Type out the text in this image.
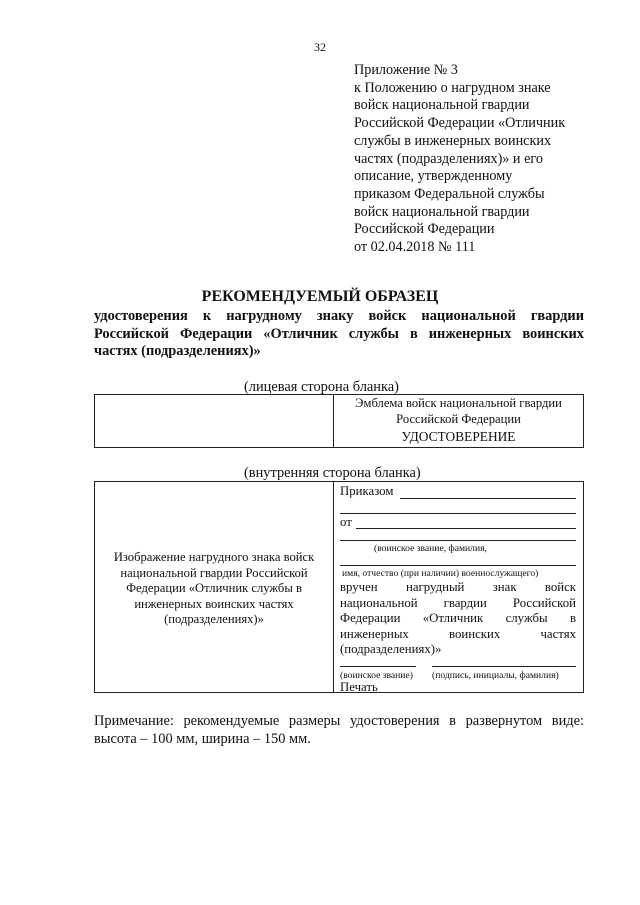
32
Приложение № 3
к Положению о нагрудном знаке
войск национальной гвардии
Российской Федерации «Отличник
службы в инженерных воинских
частях (подразделениях)» и его
описание, утвержденному
приказом Федеральной службы
войск национальной гвардии
Российской Федерации
от 02.04.2018 № 111
РЕКОМЕНДУЕМЫЙ ОБРАЗЕЦ
удостоверения к нагрудному знаку войск национальной гвардии
Российской Федерации «Отличник службы в инженерных воинских
частях (подразделениях)»
(лицевая сторона бланка)
Эмблема войск национальной гвардии
Российской Федерации
УДОСТОВЕРЕНИЕ
(внутренняя сторона бланка)
Изображение нагрудного знака войск
национальной гвардии Российской
Федерации «Отличник службы в
инженерных воинских частях
(подразделениях)»
Приказом
от
(воинское звание, фамилия,
имя, отчество (при наличии) военнослужащего)
вручен нагрудный знак войск
национальной гвардии Российской
Федерации «Отличник службы в
инженерных	воинских	частях
(подразделениях)»
(воинское звание) (подпись, инициалы, фамилия)
Печать
Примечание: рекомендуемые размеры удостоверения в развернутом виде:
высота – 100 мм, ширина – 150 мм.
